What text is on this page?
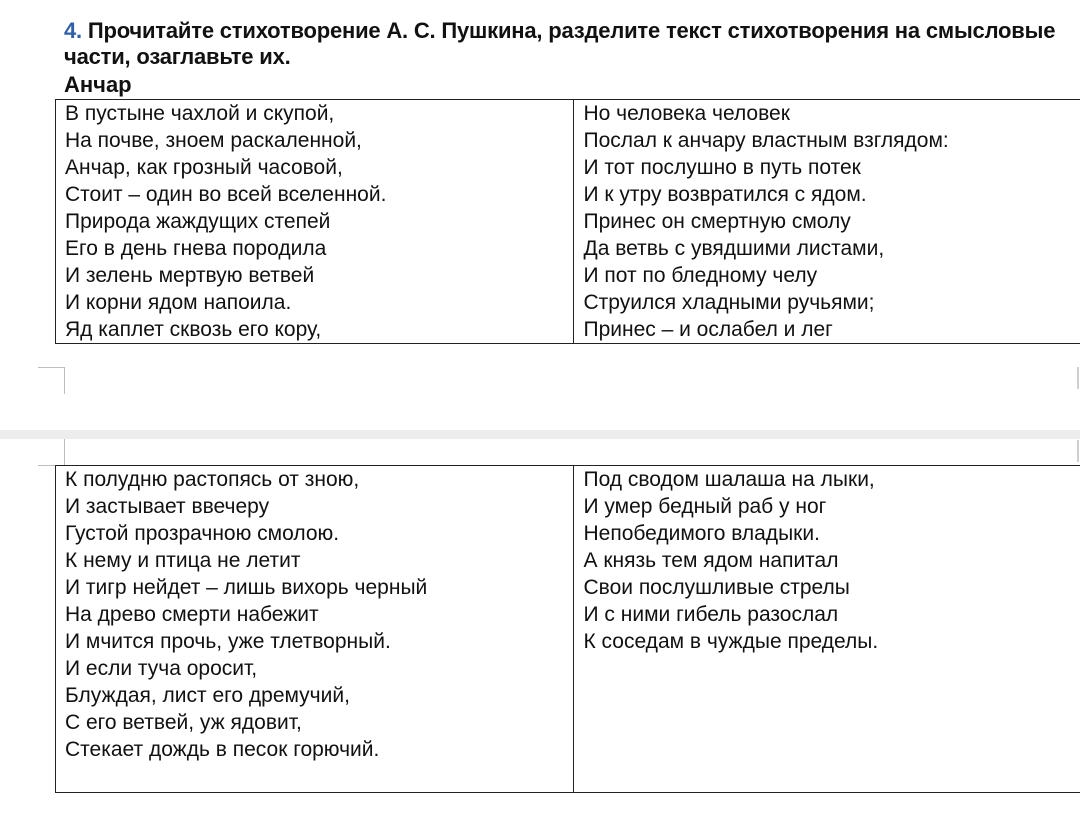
4. Прочитайте стихотворение А. С. Пушкина, разделите текст стихотворения на смысловые части, озаглавьте их.
Анчар
В пустыне чахлой и скупой,
На почве, зноем раскаленной,
Анчар, как грозный часовой,
Стоит – один во всей вселенной.
Природа жаждущих степей
Его в день гнева породила
И зелень мертвую ветвей
И корни ядом напоила.
Яд каплет сквозь его кору,

Но человека человек
Послал к анчару властным взглядом:
И тот послушно в путь потек
И к утру возвратился с ядом.
Принес он смертную смолу
Да ветвь с увядшими листами,
И пот по бледному челу
Струился хладными ручьями;
Принес – и ослабел и лег
К полудню растопясь от зною,
И застывает ввечеру
Густой прозрачною смолою.
К нему и птица не летит
И тигр нейдет – лишь вихорь черный
На древо смерти набежит
И мчится прочь, уже тлетворный.
И если туча оросит,
Блуждая, лист его дремучий,
С его ветвей, уж ядовит,
Стекает дождь в песок горючий.

Под сводом шалаша на лыки,
И умер бедный раб у ног
Непобедимого владыки.
А князь тем ядом напитал
Свои послушливые стрелы
И с ними гибель разослал
К соседам в чуждые пределы.
